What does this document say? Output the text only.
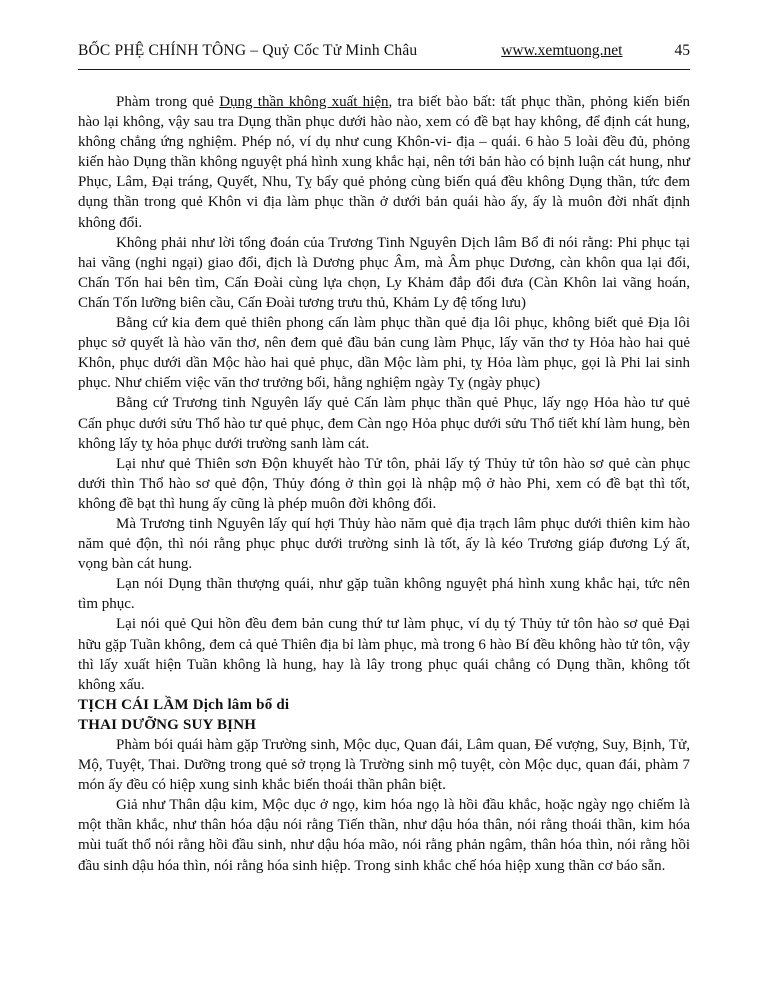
BỐC PHỆ CHÍNH TÔNG – Quỷ Cốc Tử Minh Châu	www.xemtuong.net	45

Phàm trong quẻ Dụng thần không xuất hiện, tra biết bào bất: tất phục thần, phỏng kiến biến hào lại không, vậy sau tra Dụng thần phục dưới hào nào, xem có đề bạt hay không, để định cát hung, không chẳng ứng nghiệm. Phép nó, ví dụ như cung Khôn-vi- địa – quái. 6 hào 5 loài đều đủ, phỏng kiến hào Dụng thần không nguyệt phá hình xung khắc hại, nên tới bản hào có bịnh luận cát hung, như Phục, Lâm, Đại tráng, Quyết, Nhu, Tỵ bẩy quẻ phỏng cùng biến quá đều không Dụng thần, tức đem dụng thần trong quẻ Khôn vi địa làm phục thần ở dưới bản quái hào ấy, ấy là muôn đời nhất định không đổi.

Không phải như lời tổng đoán của Trương Tinh Nguyên Dịch lâm Bổ đi nói rằng: Phi phục tại hai vầng (nghi ngại) giao đổi, địch là Dương phục Âm, mà Âm phục Dương, càn khôn qua lại đổi, Chấn Tốn hai bên tìm, Cấn Đoài cùng lựa chọn, Ly Khảm đắp đổi đưa (Càn Khôn lai vãng hoán, Chấn Tốn lưỡng biên cầu, Cấn Đoài tương trưu thủ, Khảm Ly đệ tống lưu)

Bằng cứ kia đem quẻ thiên phong cấn làm phục thần quẻ địa lôi phục, không biết quẻ Địa lôi phục sở quyết là hào văn thơ, nên đem quẻ đầu bản cung làm Phục, lấy văn thơ ty Hỏa hào hai quẻ Khôn, phục dưới dần Mộc hào hai quẻ phục, dần Mộc làm phi, tỵ Hỏa làm phục, gọi là Phi lai sinh phục. Như chiếm việc văn thơ trưởng bối, hằng nghiệm ngày Tỵ (ngày phục)

Bằng cứ Trương tinh Nguyên lấy quẻ Cấn làm phục thần quẻ Phục, lấy ngọ Hỏa hào tư quẻ Cấn phục dưới sửu Thổ hào tư quẻ phục, đem Càn ngọ Hỏa phục dưới sửu Thổ tiết khí làm hung, bèn không lấy tỵ hỏa phục dưới trường sanh làm cát.

Lại như quẻ Thiên sơn Độn khuyết hào Tử tôn, phải lấy tý Thủy tử tôn hào sơ quẻ càn phục dưới thìn Thổ hào sơ quẻ độn, Thủy đóng ở thìn gọi là nhập mộ ở hào Phi, xem có đề bạt thì tốt, không đề bạt thì hung ấy cũng là phép muôn đời không đổi.

Mà Trương tinh Nguyên lấy quí hợi Thủy hào năm quẻ địa trạch lâm phục dưới thiên kim hào năm quẻ độn, thì nói rằng phục phục dưới trường sinh là tốt, ấy là kéo Trương giáp đương Lý ất, vọng bàn cát hung.

Lạn nói Dụng thần thượng quái, như gặp tuần không nguyệt phá hình xung khắc hại, tức nên tìm phục.

Lại nói quẻ Qui hồn đều đem bản cung thứ tư làm phục, ví dụ tý Thủy tử tôn hào sơ quẻ Đại hữu gặp Tuần không, đem cả quẻ Thiên địa bỉ làm phục, mà trong 6 hào Bí đều không hào tử tôn, vậy thì lấy xuất hiện Tuần không là hung, hay là lây trong phục quái chẳng có Dụng thần, không tốt không xấu.

TỊCH CÁI LẦM Dịch lâm bổ di

THAI DƯỠNG SUY BỊNH

Phàm bói quái hàm gặp Trường sinh, Mộc dục, Quan đái, Lâm quan, Đế vượng, Suy, Bịnh, Tử, Mộ, Tuyệt, Thai. Dưỡng trong quẻ sở trọng là Trường sinh mộ tuyệt, còn Mộc dục, quan đái, phàm 7 món ấy đều có hiệp xung sinh khắc biến thoái thần phân biệt.

Giả như Thân dậu kim, Mộc dục ở ngọ, kim hóa ngọ là hồi đầu khắc, hoặc ngày ngọ chiếm là một thần khắc, như thân hóa dậu nói rằng Tiến thần, như dậu hóa thân, nói rằng thoái thần, kim hóa mùi tuất thổ nói rằng hồi đầu sinh, như dậu hóa mão, nói rằng phản ngâm, thân hóa thìn, nói rằng hồi đầu sinh dậu hóa thìn, nói rằng hóa sinh hiệp. Trong sinh khắc chế hóa hiệp xung thần cơ báo sẵn.
